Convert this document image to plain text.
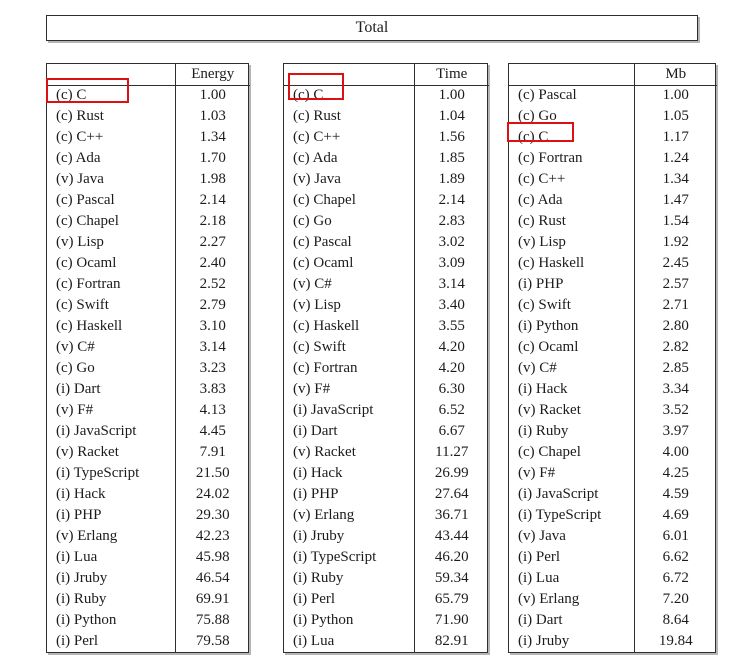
Total
	Energy
(c) C	1.00
(c) Rust	1.03
(c) C++	1.34
(c) Ada	1.70
(v) Java	1.98
(c) Pascal	2.14
(c) Chapel	2.18
(v) Lisp	2.27
(c) Ocaml	2.40
(c) Fortran	2.52
(c) Swift	2.79
(c) Haskell	3.10
(v) C#	3.14
(c) Go	3.23
(i) Dart	3.83
(v) F#	4.13
(i) JavaScript	4.45
(v) Racket	7.91
(i) TypeScript	21.50
(i) Hack	24.02
(i) PHP	29.30
(v) Erlang	42.23
(i) Lua	45.98
(i) Jruby	46.54
(i) Ruby	69.91
(i) Python	75.88
(i) Perl	79.58
	Time
(c) C	1.00
(c) Rust	1.04
(c) C++	1.56
(c) Ada	1.85
(v) Java	1.89
(c) Chapel	2.14
(c) Go	2.83
(c) Pascal	3.02
(c) Ocaml	3.09
(v) C#	3.14
(v) Lisp	3.40
(c) Haskell	3.55
(c) Swift	4.20
(c) Fortran	4.20
(v) F#	6.30
(i) JavaScript	6.52
(i) Dart	6.67
(v) Racket	11.27
(i) Hack	26.99
(i) PHP	27.64
(v) Erlang	36.71
(i) Jruby	43.44
(i) TypeScript	46.20
(i) Ruby	59.34
(i) Perl	65.79
(i) Python	71.90
(i) Lua	82.91
	Mb
(c) Pascal	1.00
(c) Go	1.05
(c) C	1.17
(c) Fortran	1.24
(c) C++	1.34
(c) Ada	1.47
(c) Rust	1.54
(v) Lisp	1.92
(c) Haskell	2.45
(i) PHP	2.57
(c) Swift	2.71
(i) Python	2.80
(c) Ocaml	2.82
(v) C#	2.85
(i) Hack	3.34
(v) Racket	3.52
(i) Ruby	3.97
(c) Chapel	4.00
(v) F#	4.25
(i) JavaScript	4.59
(i) TypeScript	4.69
(v) Java	6.01
(i) Perl	6.62
(i) Lua	6.72
(v) Erlang	7.20
(i) Dart	8.64
(i) Jruby	19.84
